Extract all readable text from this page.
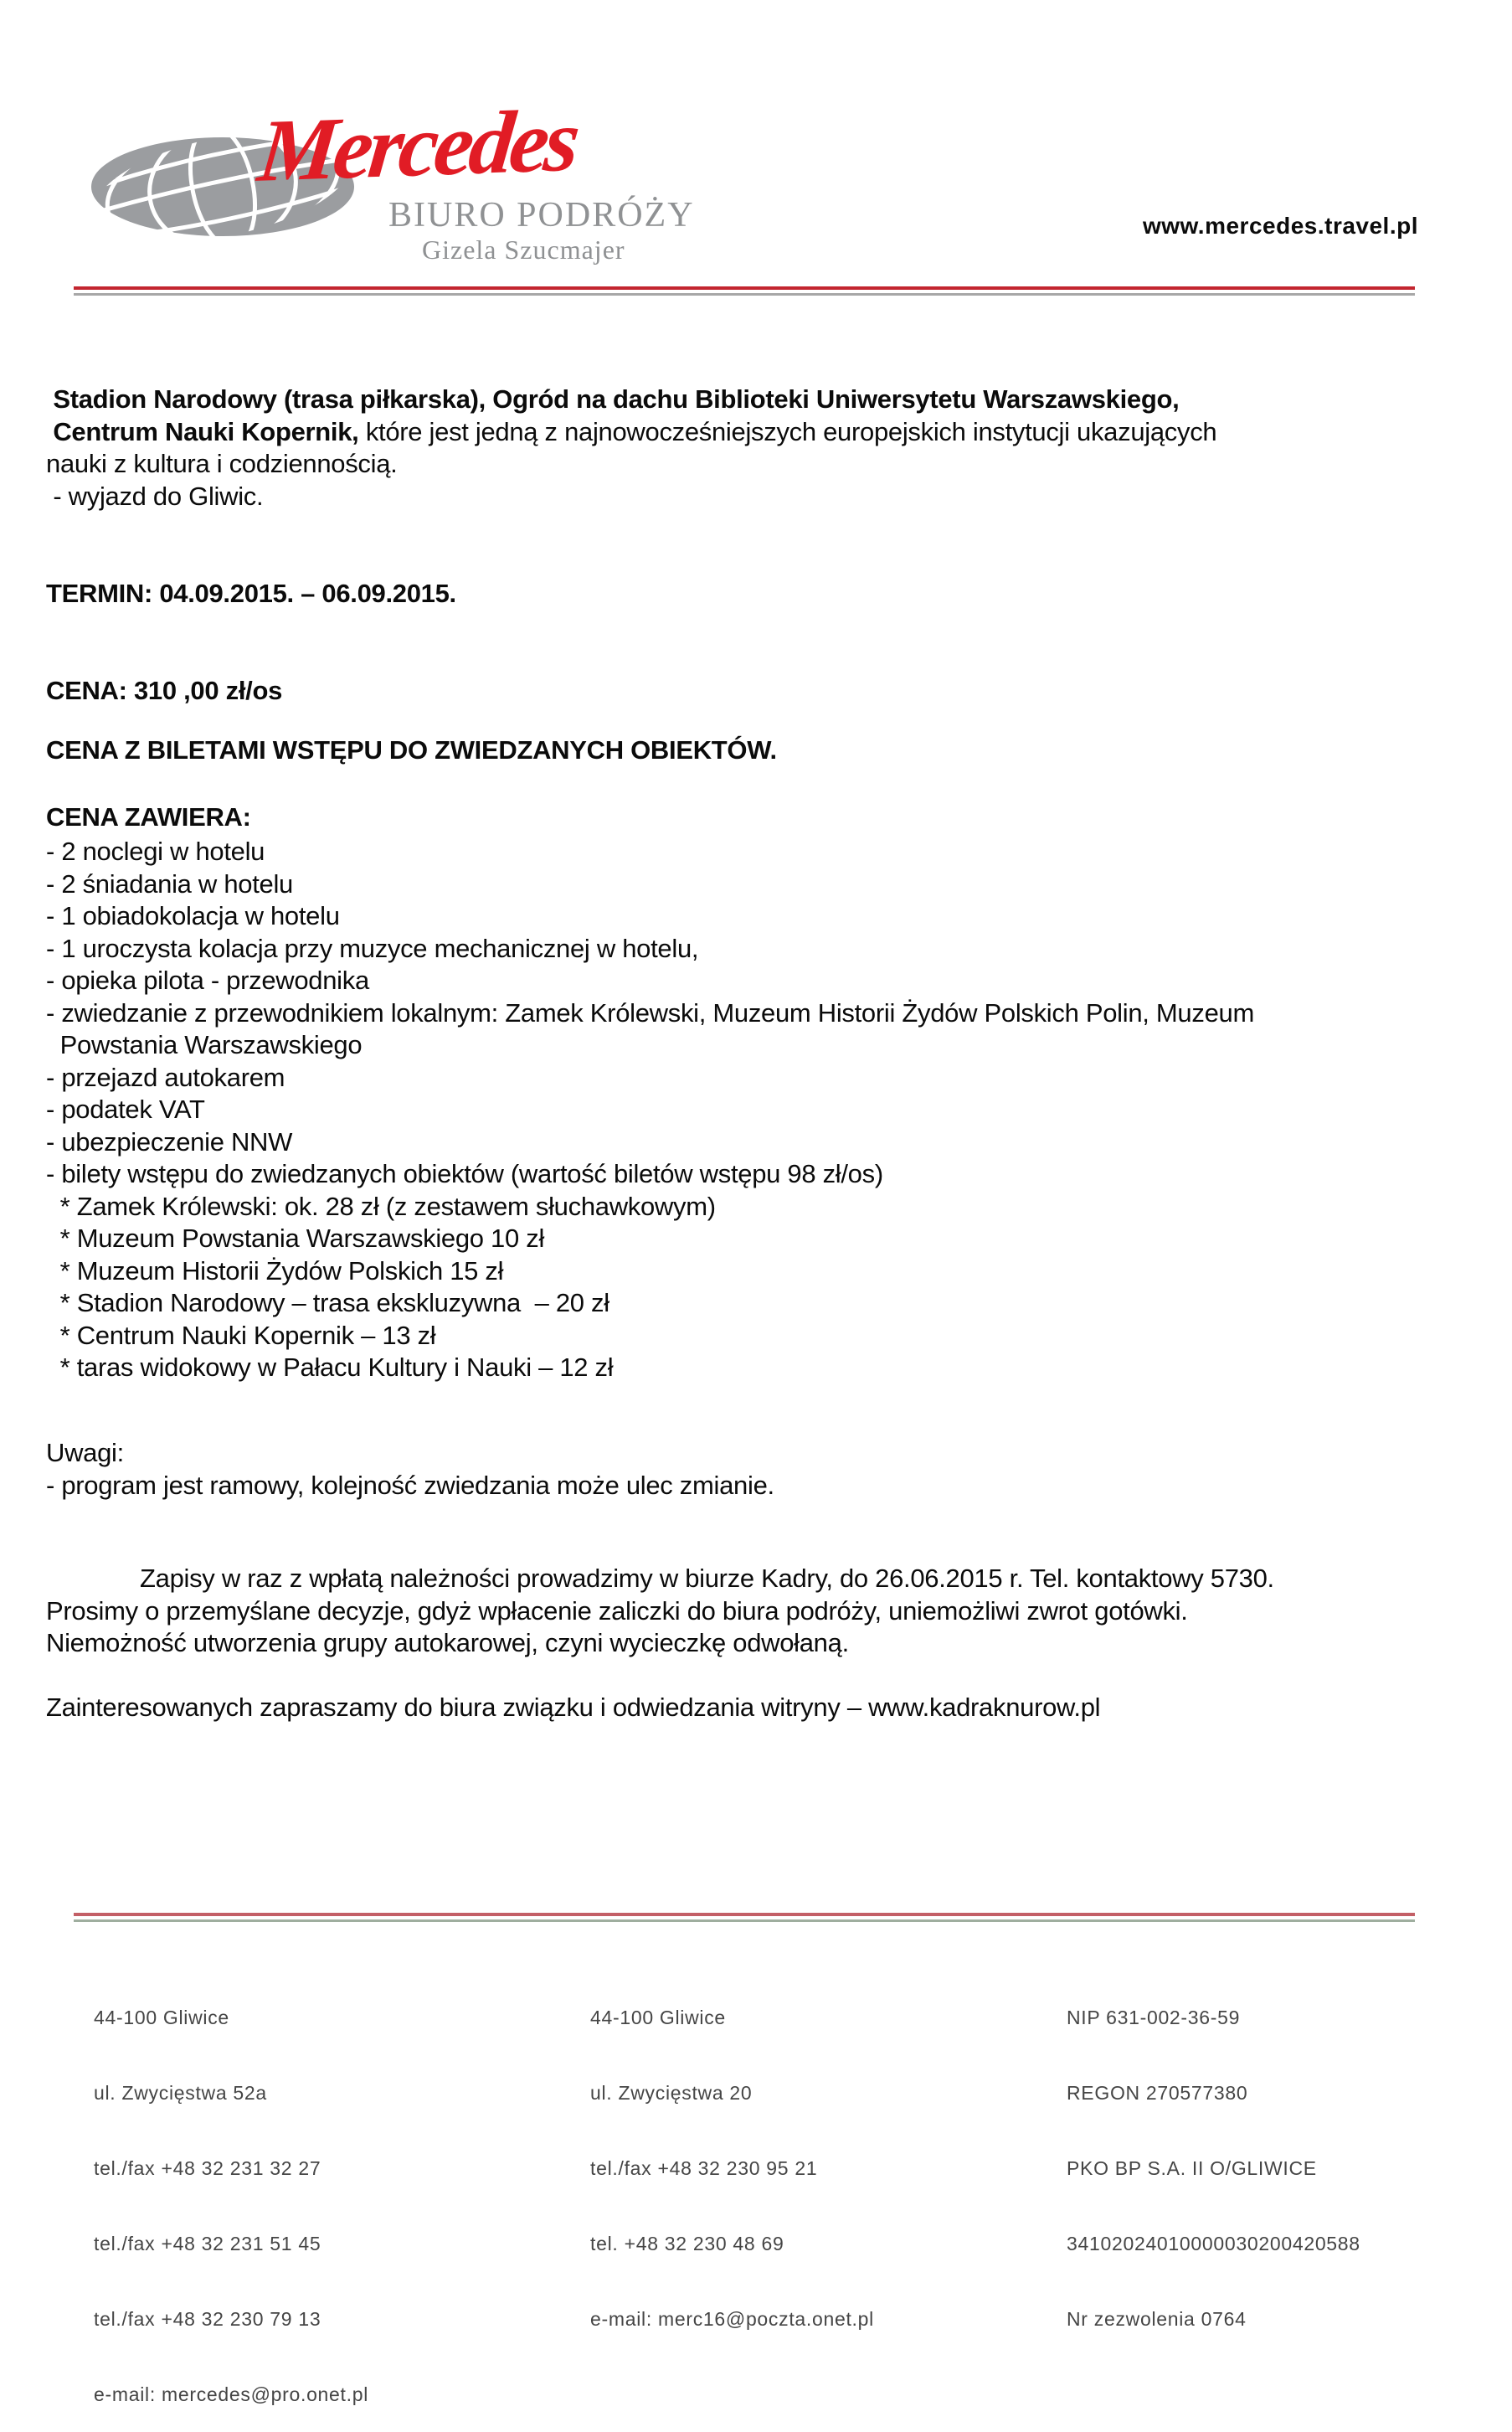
Mercedes
BIURO PODRÓŻY
Gizela Szucmajer
www.mercedes.travel.pl
Stadion Narodowy (trasa piłkarska), Ogród na dachu Biblioteki Uniwersytetu Warszawskiego,
Centrum Nauki Kopernik, które jest jedną z najnowocześniejszych europejskich instytucji ukazujących
nauki z kultura i codziennością.
- wyjazd do Gliwic.
TERMIN: 04.09.2015. – 06.09.2015.
CENA: 310 ,00 zł/os
CENA Z BILETAMI WSTĘPU DO ZWIEDZANYCH OBIEKTÓW.
CENA ZAWIERA:
- 2 noclegi w hotelu
- 2 śniadania w hotelu
- 1 obiadokolacja w hotelu
- 1 uroczysta kolacja przy muzyce mechanicznej w hotelu,
- opieka pilota - przewodnika
- zwiedzanie z przewodnikiem lokalnym: Zamek Królewski, Muzeum Historii Żydów Polskich Polin, Muzeum
Powstania Warszawskiego
- przejazd autokarem
- podatek VAT
- ubezpieczenie NNW
- bilety wstępu do zwiedzanych obiektów (wartość biletów wstępu 98 zł/os)
* Zamek Królewski: ok. 28 zł (z zestawem słuchawkowym)
* Muzeum Powstania Warszawskiego 10 zł
* Muzeum Historii Żydów Polskich 15 zł
* Stadion Narodowy – trasa ekskluzywna  – 20 zł
* Centrum Nauki Kopernik – 13 zł
* taras widokowy w Pałacu Kultury i Nauki – 12 zł
Uwagi:
- program jest ramowy, kolejność zwiedzania może ulec zmianie.
Zapisy w raz z wpłatą należności prowadzimy w biurze Kadry, do 26.06.2015 r. Tel. kontaktowy 5730.
Prosimy o przemyślane decyzje, gdyż wpłacenie zaliczki do biura podróży, uniemożliwi zwrot gotówki.
Niemożność utworzenia grupy autokarowej, czyni wycieczkę odwołaną.
Zainteresowanych zapraszamy do biura związku i odwiedzania witryny – www.kadraknurow.pl

44-100 Gliwice

ul. Zwycięstwa 52a

tel./fax +48 32 231 32 27

tel./fax +48 32 231 51 45

tel./fax +48 32 230 79 13

e-mail: mercedes@pro.onet.pl

44-100 Gliwice

ul. Zwycięstwa 20

tel./fax +48 32 230 95 21

tel. +48 32 230 48 69

e-mail: merc16@poczta.onet.pl

NIP 631-002-36-59

REGON 270577380

PKO BP S.A. II O/GLIWICE

34102024010000030200420588

Nr zezwolenia 0764
